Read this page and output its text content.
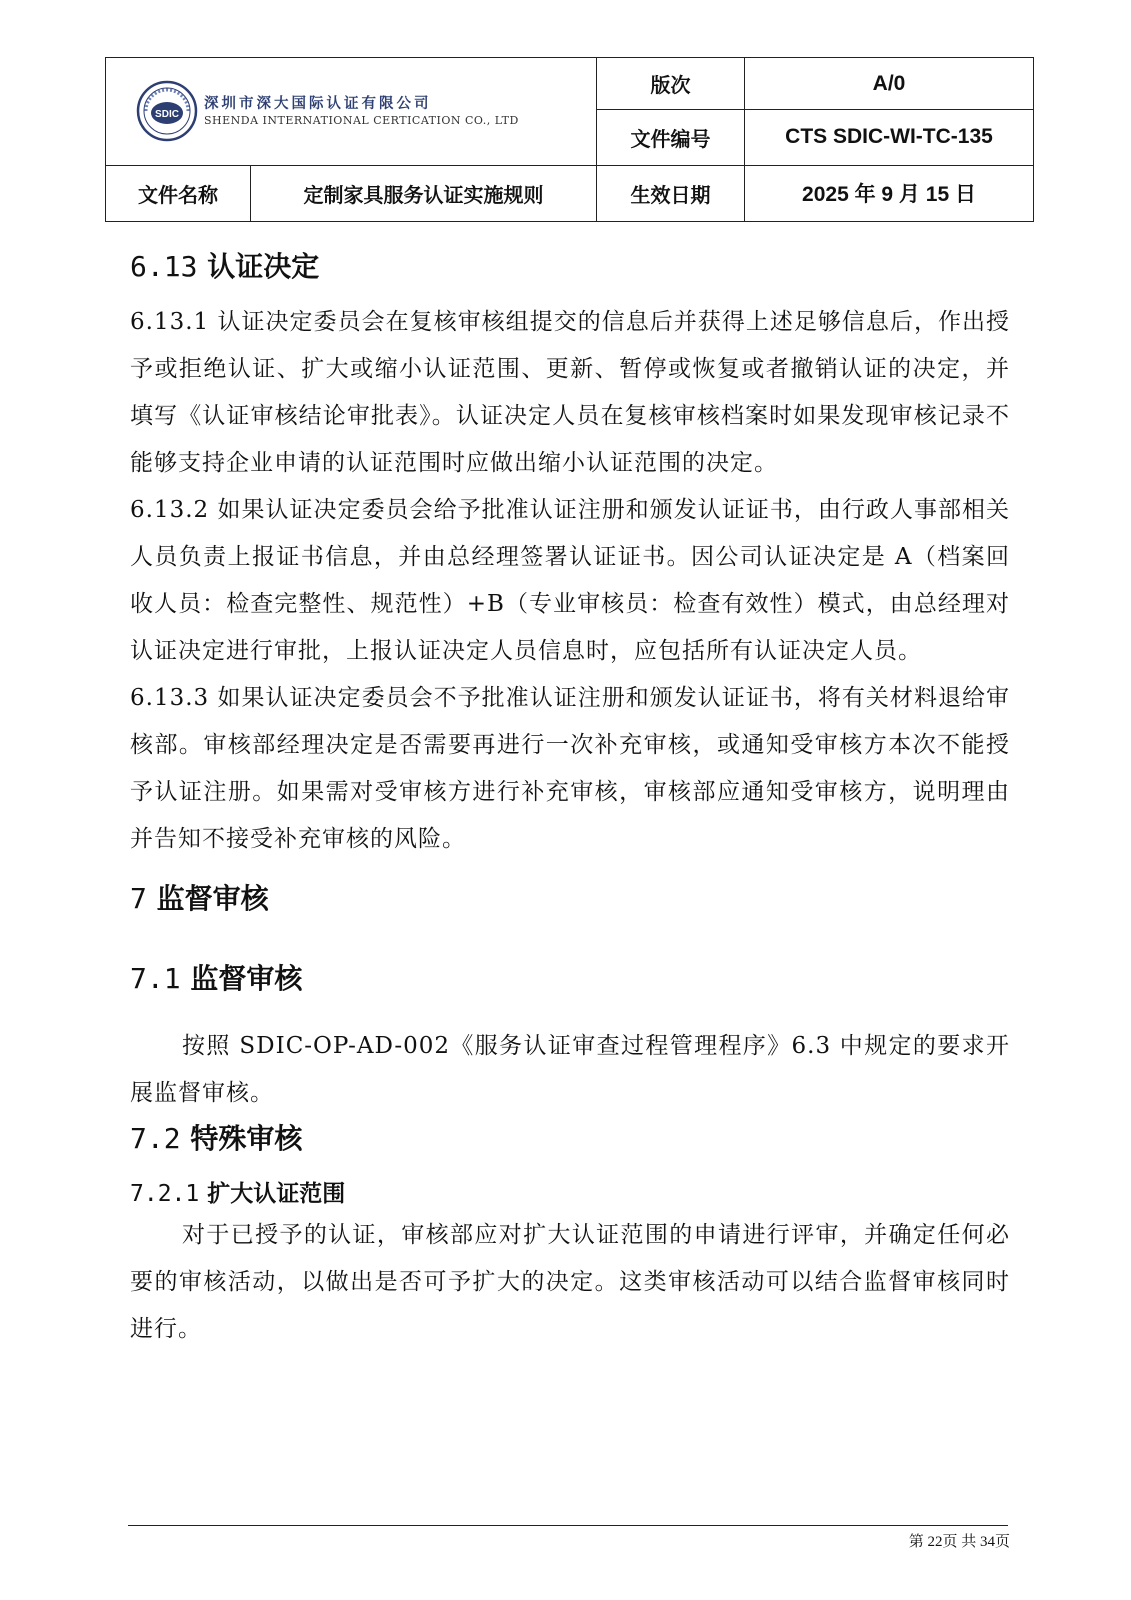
SDIC
深圳市深大国际认证有限公司
SHENDA INTERNATIONAL CERTICATION CO., LTD		版次	A/0
		文件编号	CTS SDIC-WI-TC-135
文件名称	定制家具服务认证实施规则	生效日期	2025 年 9 月 15 日
6.13 认证决定

6.13.1 认证决定委员会在复核审核组提交的信息后并获得上述足够信息后，作出授予或拒绝认证、扩大或缩小认证范围、更新、暂停或恢复或者撤销认证的决定，并填写《认证审核结论审批表》。认证决定人员在复核审核档案时如果发现审核记录不能够支持企业申请的认证范围时应做出缩小认证范围的决定。

6.13.2 如果认证决定委员会给予批准认证注册和颁发认证证书，由行政人事部相关人员负责上报证书信息，并由总经理签署认证证书。因公司认证决定是 A（档案回收人员：检查完整性、规范性）+B（专业审核员：检查有效性）模式，由总经理对认证决定进行审批，上报认证决定人员信息时，应包括所有认证决定人员。

6.13.3 如果认证决定委员会不予批准认证注册和颁发认证证书，将有关材料退给审核部。审核部经理决定是否需要再进行一次补充审核，或通知受审核方本次不能授予认证注册。如果需对受审核方进行补充审核，审核部应通知受审核方，说明理由并告知不接受补充审核的风险。

7 监督审核
7.1 监督审核

按照 SDIC-OP-AD-002《服务认证审查过程管理程序》6.3 中规定的要求开展监督审核。

7.2 特殊审核
7.2.1 扩大认证范围

对于已授予的认证，审核部应对扩大认证范围的申请进行评审，并确定任何必要的审核活动，以做出是否可予扩大的决定。这类审核活动可以结合监督审核同时进行。

第 22页 共 34页
